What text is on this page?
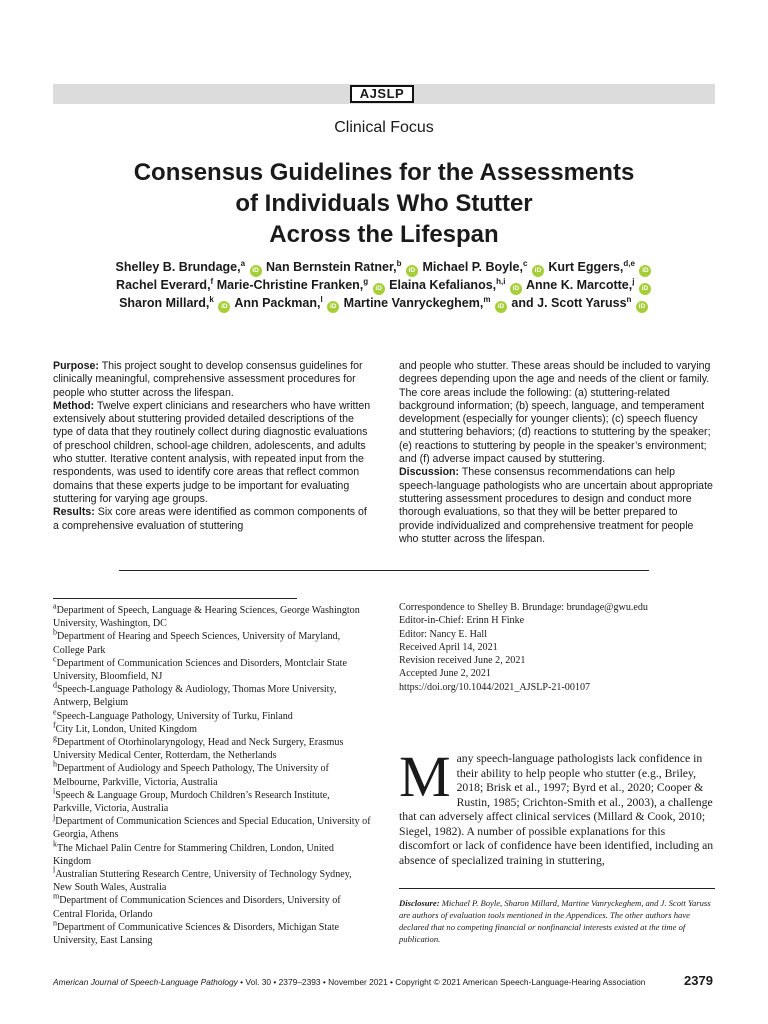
AJSLP
Clinical Focus
Consensus Guidelines for the Assessments
of Individuals Who Stutter
Across the Lifespan
Shelley B. Brundage,$^a$ iD Nan Bernstein Ratner,$^b$ iD Michael P. Boyle,$^c$ iD Kurt Eggers,$^{d,e}$ iD
Rachel Everard,$^f$ Marie-Christine Franken,$^g$ iD Elaina Kefalianos,$^{h,i}$ iD Anne K. Marcotte,$^j$ iD
Sharon Millard,$^k$ iD Ann Packman,$^l$ iD Martine Vanryckeghem,$^m$ iD and J. Scott Yaruss$^n$ iD

Purpose: This project sought to develop consensus guidelines for clinically meaningful, comprehensive assessment procedures for people who stutter across the lifespan.

Method: Twelve expert clinicians and researchers who have written extensively about stuttering provided detailed descriptions of the type of data that they routinely collect during diagnostic evaluations of preschool children, school-age children, adolescents, and adults who stutter. Iterative content analysis, with repeated input from the respondents, was used to identify core areas that reflect common domains that these experts judge to be important for evaluating stuttering for varying age groups.

Results: Six core areas were identified as common components of a comprehensive evaluation of stuttering

and people who stutter. These areas should be included to varying degrees depending upon the age and needs of the client or family. The core areas include the following: (a) stuttering-related background information; (b) speech, language, and temperament development (especially for younger clients); (c) speech fluency and stuttering behaviors; (d) reactions to stuttering by the speaker; (e) reactions to stuttering by people in the speaker’s environment; and (f) adverse impact caused by stuttering.

Discussion: These consensus recommendations can help speech-language pathologists who are uncertain about appropriate stuttering assessment procedures to design and conduct more thorough evaluations, so that they will be better prepared to provide individualized and comprehensive treatment for people who stutter across the lifespan.

$^a$Department of Speech, Language & Hearing Sciences, George Washington University, Washington, DC
$^b$Department of Hearing and Speech Sciences, University of Maryland, College Park
$^c$Department of Communication Sciences and Disorders, Montclair State University, Bloomfield, NJ
$^d$Speech-Language Pathology & Audiology, Thomas More University, Antwerp, Belgium
$^e$Speech-Language Pathology, University of Turku, Finland
$^f$City Lit, London, United Kingdom
$^g$Department of Otorhinolaryngology, Head and Neck Surgery, Erasmus University Medical Center, Rotterdam, the Netherlands
$^h$Department of Audiology and Speech Pathology, The University of Melbourne, Parkville, Victoria, Australia
$^i$Speech & Language Group, Murdoch Children’s Research Institute, Parkville, Victoria, Australia
$^j$Department of Communication Sciences and Special Education, University of Georgia, Athens
$^k$The Michael Palin Centre for Stammering Children, London, United Kingdom
$^l$Australian Stuttering Research Centre, University of Technology Sydney, New South Wales, Australia
$^m$Department of Communication Sciences and Disorders, University of Central Florida, Orlando
$^n$Department of Communicative Sciences & Disorders, Michigan State University, East Lansing
Correspondence to Shelley B. Brundage: brundage@gwu.edu
Editor-in-Chief: Erinn H Finke
Editor: Nancy E. Hall
Received April 14, 2021
Revision received June 2, 2021
Accepted June 2, 2021
https://doi.org/10.1044/2021_AJSLP-21-00107
Many speech-language pathologists lack confidence in their ability to help people who stutter (e.g., Briley, 2018; Brisk et al., 1997; Byrd et al., 2020; Cooper & Rustin, 1985; Crichton-Smith et al., 2003), a challenge that can adversely affect clinical services (Millard & Cook, 2010; Siegel, 1982). A number of possible explanations for this discomfort or lack of confidence have been identified, including an absence of specialized training in stuttering,
Disclosure: Michael P. Boyle, Sharon Millard, Martine Vanryckeghem, and J. Scott Yaruss are authors of evaluation tools mentioned in the Appendices. The other authors have declared that no competing financial or nonfinancial interests existed at the time of publication.
American Journal of Speech-Language Pathology • Vol. 30 • 2379–2393 • November 2021 • Copyright © 2021 American Speech-Language-Hearing Association	2379
